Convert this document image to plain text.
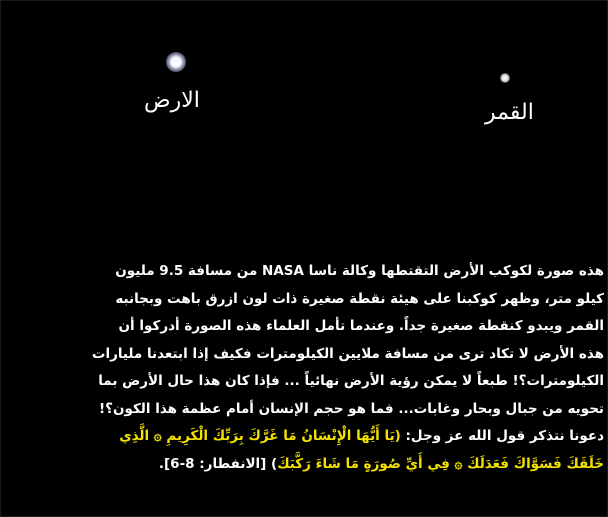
الارض	القمر
هذه صورة لكوكب الأرض التقتطها وكالة ناسا NASA من مسافة 9.5 مليون
كيلو متر، وظهر كوكبنا على هيئة نقطة صغيرة ذات لون ازرق باهت وبجانبه
القمر ويبدو كنقطة صغيرة جداً. وعندما تأمل العلماء هذه الصورة أدركوا أن
هذه الأرض لا تكاد ترى من مسافة ملايين الكيلومترات فكيف إذا ابتعدنا مليارات
الكيلومترات؟! طبعاً لا يمكن رؤية الأرض نهائياً ... فإذا كان هذا حال الأرض بما
تحويه من جبال وبحار وغابات... فما هو حجم الإنسان أمام عظمة هذا الكون؟!
دعونا نتذكر قول الله عز وجل: (يَا أَيُّهَا الْإِنْسَانُ مَا غَرَّكَ بِرَبِّكَ الْكَرِيمِ ۞ الَّذِي
خَلَقَكَ فَسَوَّاكَ فَعَدَلَكَ ۞ فِي أَيِّ صُورَةٍ مَا شَاءَ رَكَّبَكَ) [الانفطار: 8-6].
